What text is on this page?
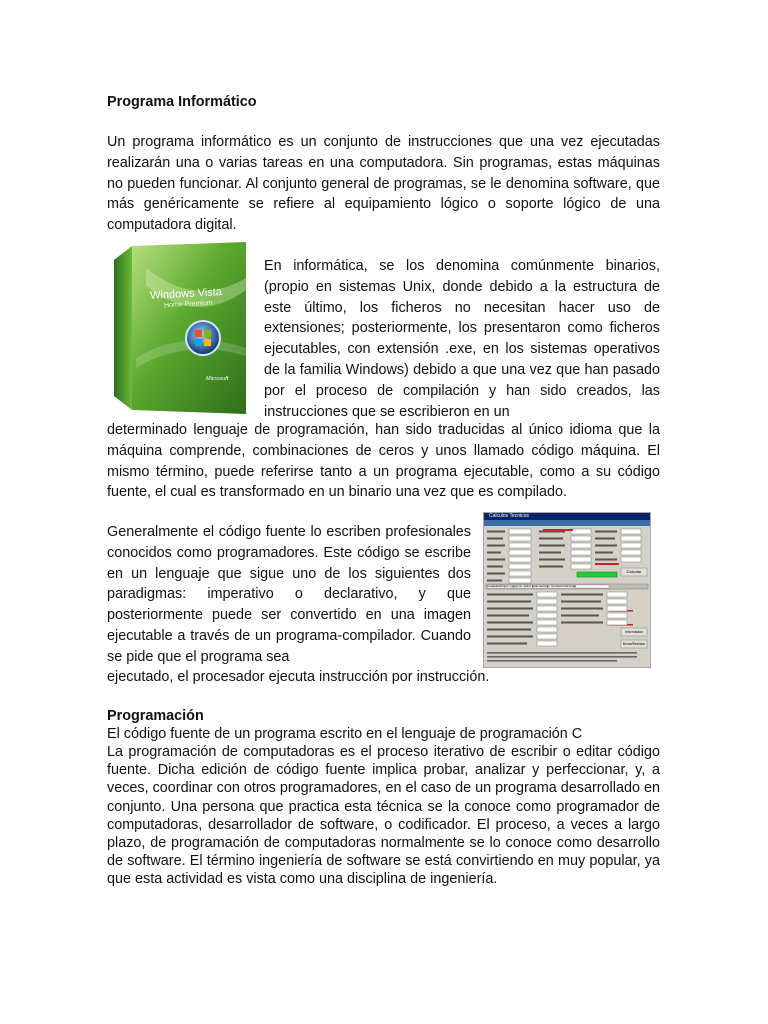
Programa Informático

Un programa informático es un conjunto de instrucciones que una vez ejecutadas realizarán una o varias tareas en una computadora. Sin programas, estas máquinas no pueden funcionar. Al conjunto general de programas, se le denomina software, que más genéricamente se refiere al equipamiento lógico o soporte lógico de una computadora digital.

Windows Vista
Home Premium
Microsoft

En informática, se los denomina comúnmente binarios, (propio en sistemas Unix, donde debido a la estructura de este último, los ficheros no necesitan hacer uso de extensiones; posteriormente, los presentaron como ficheros ejecutables, con extensión .exe, en los sistemas operativos de la familia Windows) debido a que una vez que han pasado por el proceso de compilación y han sido creados, las instrucciones que se escribieron en un

determinado lenguaje de programación, han sido traducidas al único idioma que la máquina comprende, combinaciones de ceros y unos llamado código máquina. El mismo término, puede referirse tanto a un programa ejecutable, como a su código fuente, el cual es transformado en un binario una vez que es compilado.

Calculos Tecnicos
Caudales/Flujos Consumo Aislar Calentadores Ventilacion/Extracc
Calcular
Informacion
Borrar/Reiniciar

Generalmente el código fuente lo escriben profesionales conocidos como programadores. Este código se escribe en un lenguaje que sigue uno de los siguientes dos paradigmas: imperativo o declarativo, y que posteriormente puede ser convertido en una imagen ejecutable a través de un programa-compilador. Cuando se pide que el programa sea

ejecutado, el procesador ejecuta instrucción por instrucción.

Programación

El código fuente de un programa escrito en el lenguaje de programación C

La programación de computadoras es el proceso iterativo de escribir o editar código fuente. Dicha edición de código fuente implica probar, analizar y perfeccionar, y, a veces, coordinar con otros programadores, en el caso de un programa desarrollado en conjunto. Una persona que practica esta técnica se la conoce como programador de computadoras, desarrollador de software, o codificador. El proceso, a veces a largo plazo, de programación de computadoras normalmente se lo conoce como desarrollo de software. El término ingeniería de software se está convirtiendo en muy popular, ya que esta actividad es vista como una disciplina de ingeniería.
